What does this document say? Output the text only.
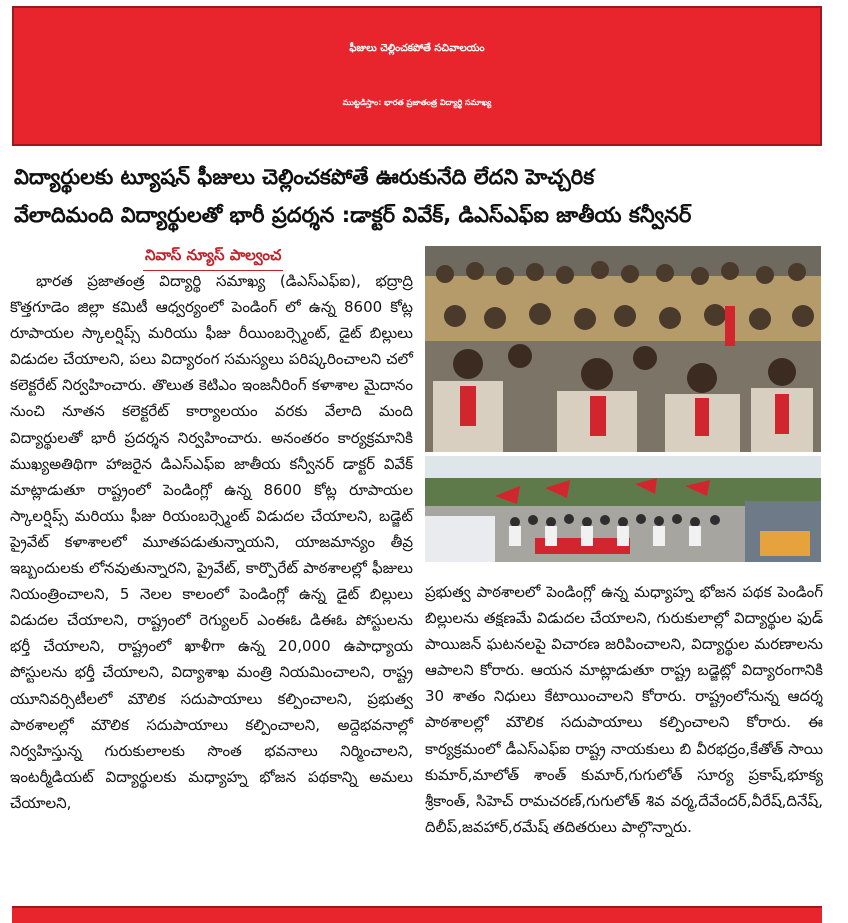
ఫీజులు చెల్లించకపోతే సచివాలయం
ముట్టడిస్తాం: భారత ప్రజాతంత్ర విద్యార్థి సమాఖ్య
విద్యార్థులకు ట్యూషన్ ఫీజులు చెల్లించకపోతే ఊరుకునేది లేదని హెచ్చరిక
వేలాదిమంది విద్యార్థులతో భారీ ప్రదర్శన :డాక్టర్ వివేక్, డిఎస్ఎఫ్ఐ జాతీయ కన్వీనర్
నివాస్ న్యూస్ పాల్వంచ

భారత ప్రజాతంత్ర విద్యార్థి సమాఖ్య (డిఎస్ఎఫ్ఐ), భద్రాద్రి కొత్తగూడెం జిల్లా కమిటీ ఆధ్వర్యంలో పెండింగ్ లో ఉన్న 8600 కోట్ల రూపాయల స్కాలర్షిప్స్ మరియు ఫీజు రీయింబర్స్మెంట్, డైట్ బిల్లులు విడుదల చేయాలని, పలు విద్యారంగ సమస్యలు పరిష్కరించాలని చలో కలెక్టరేట్ నిర్వహించారు. తొలుత కెటిఎం ఇంజనీరింగ్ కళాశాల మైదానం నుంచి నూతన కలెక్టరేట్ కార్యాలయం వరకు వేలాది మంది విద్యార్థులతో భారీ ప్రదర్శన నిర్వహించారు. అనంతరం కార్యక్రమానికి ముఖ్యఅతిథిగా హాజరైన డిఎస్ఎఫ్ఐ జాతీయ కన్వీనర్ డాక్టర్ వివేక్ మాట్లాడుతూ రాష్ట్రంలో పెండింగ్లో ఉన్న 8600 కోట్ల రూపాయల స్కాలర్షిప్స్ మరియు ఫీజు రియంబర్స్మెంట్ విడుదల చేయాలని, బడ్జెట్ ప్రైవేట్ కళాశాలలో మూతపడుతున్నాయని, యాజమాన్యం తీవ్ర ఇబ్బందులకు లోనవుతున్నారని, ప్రైవేట్, కార్పొరేట్ పాఠశాలల్లో ఫీజులు నియంత్రించాలని, 5 నెలల కాలంలో పెండింగ్లో ఉన్న డైట్ బిల్లులు విడుదల చేయాలని, రాష్ట్రంలో రెగ్యులర్ ఎంఈఓ డిఈఓ పోస్టులను భర్తీ చేయాలని, రాష్ట్రంలో ఖాళీగా ఉన్న 20,000 ఉపాధ్యాయ పోస్టులను భర్తీ చేయాలని, విద్యాశాఖ మంత్రి నియమించాలని, రాష్ట్ర యూనివర్సిటీలలో మౌలిక సదుపాయాలు కల్పించాలని, ప్రభుత్వ పాఠశాలల్లో మౌలిక సదుపాయాలు కల్పించాలని, అద్దెభవనాల్లో నిర్వహిస్తున్న గురుకులాలకు సొంత భవనాలు నిర్మించాలని, ఇంటర్మీడియట్ విద్యార్థులకు మధ్యాహ్న భోజన పథకాన్ని అమలు చేయాలని,

ప్రభుత్వ పాఠశాలలో పెండింగ్లో ఉన్న మధ్యాహ్న భోజన పథక పెండింగ్ బిల్లులను తక్షణమే విడుదల చేయాలని, గురుకులాల్లో విద్యార్థుల ఫుడ్ పాయిజన్ ఘటనలపై విచారణ జరిపించాలని, విద్యార్థుల మరణాలను ఆపాలని కోరారు. ఆయన మాట్లాడుతూ రాష్ట్ర బడ్జెట్లో విద్యారంగానికి 30 శాతం నిధులు కేటాయించాలని కోరారు. రాష్ట్రంలోనున్న ఆదర్శ పాఠశాలల్లో మౌలిక సదుపాయాలు కల్పించాలని కోరారు. ఈ కార్యక్రమంలో డీఎస్ఎఫ్ఐ రాష్ట్ర నాయకులు బి వీరభద్రం,కేతోత్ సాయి కుమార్,మాలోత్ శాంత్ కుమార్,గుగులోత్ సూర్య ప్రకాష్,భూక్య శ్రీకాంత్, సిహెచ్ రామచరణ్,గుగులోత్ శివ వర్మ,దేవేందర్,వీరేష్,దినేష్, దిలీప్,జవహార్,రమేష్ తదితరులు పాల్గొన్నారు.
